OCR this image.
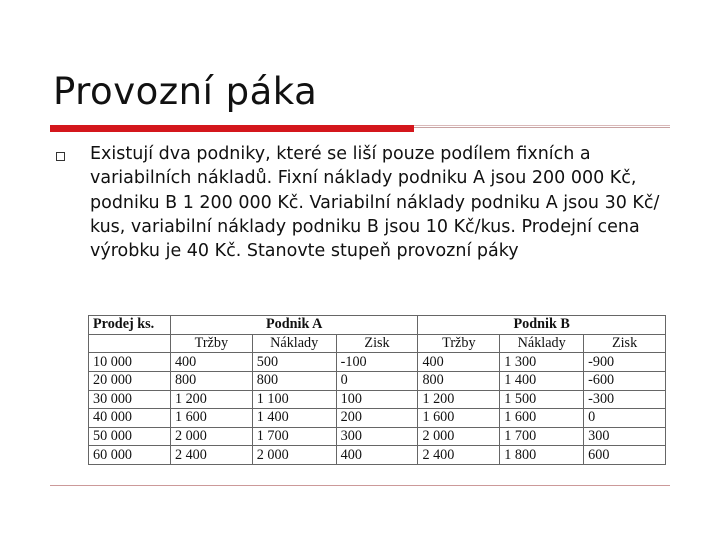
Provozní páka
Existují dva podniky, které se liší pouze podílem fixních a variabilních nákladů. Fixní náklady podniku A jsou 200 000 Kč, podniku B 1 200 000 Kč. Variabilní náklady podniku A jsou 30 Kč/ kus, variabilní náklady podniku B jsou 10 Kč/kus. Prodejní cena výrobku je 40 Kč. Stanovte stupeň provozní páky
Prodej ks.	Podnik A			Podnik B		
	Tržby	Náklady	Zisk	Tržby	Náklady	Zisk
10 000	400	500	-100	400	1 300	-900
20 000	800	800	0	800	1 400	-600
30 000	1 200	1 100	100	1 200	1 500	-300
40 000	1 600	1 400	200	1 600	1 600	0
50 000	2 000	1 700	300	2 000	1 700	300
60 000	2 400	2 000	400	2 400	1 800	600
